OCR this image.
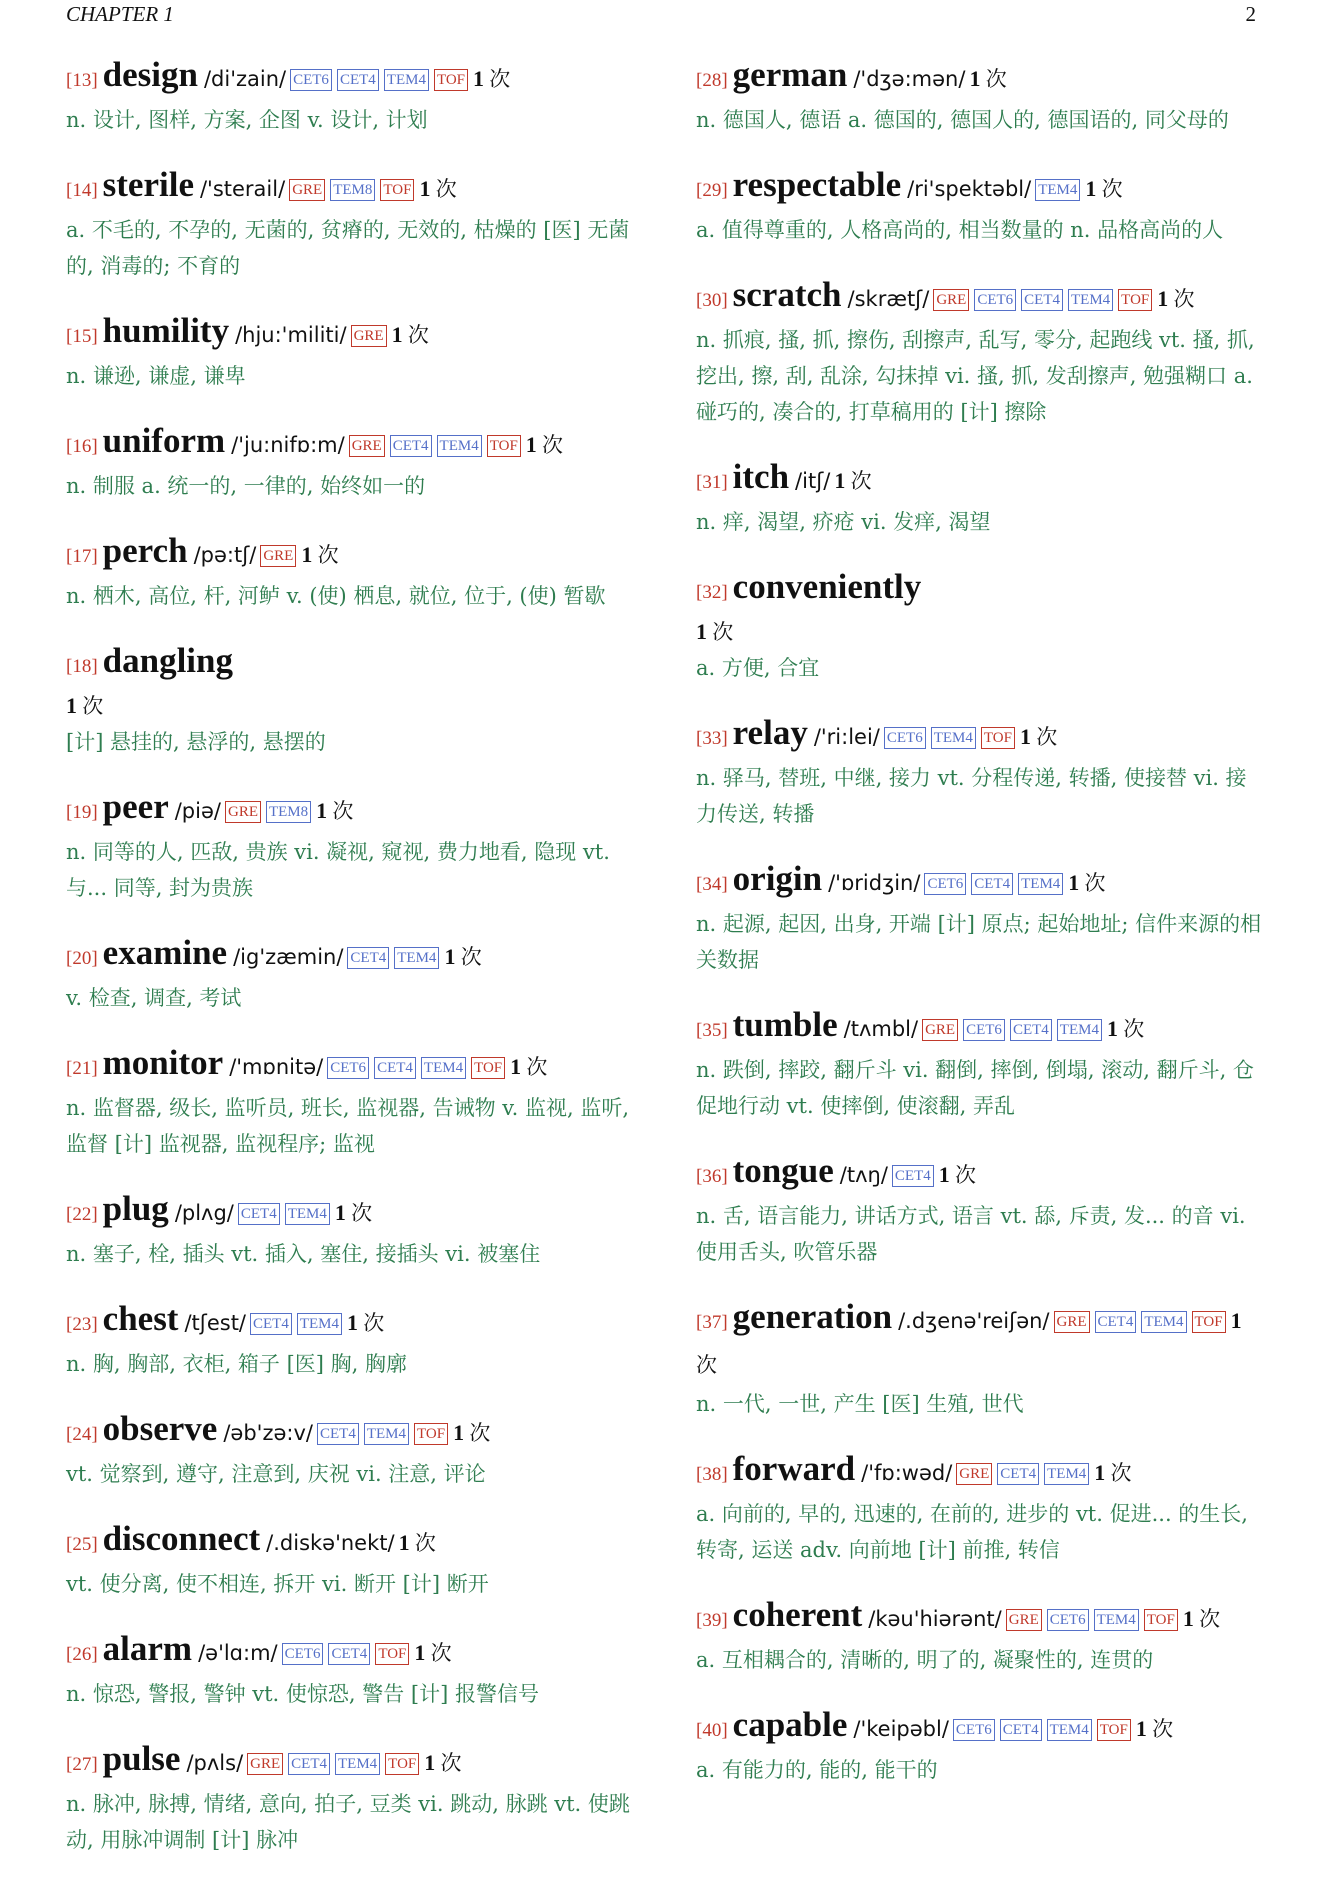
CHAPTER 1	2
[13] design /di'zain/ CET6 CET4 TEM4 TOF 1 次
n. 设计, 图样, 方案, 企图 v. 设计, 计划
[14] sterile /'sterail/ GRE TEM8 TOF 1 次
a. 不毛的, 不孕的, 无菌的, 贫瘠的, 无效的, 枯燥的 [医] 无菌的, 消毒的; 不育的
[15] humility /hju:'militi/ GRE 1 次
n. 谦逊, 谦虚, 谦卑
[16] uniform /'ju:nifɒ:m/ GRE CET4 TEM4 TOF 1 次
n. 制服 a. 统一的, 一律的, 始终如一的
[17] perch /pə:tʃ/ GRE 1 次
n. 栖木, 高位, 杆, 河鲈 v. (使) 栖息, 就位, 位于, (使) 暂歇
[18] dangling
1 次
[计] 悬挂的, 悬浮的, 悬摆的
[19] peer /piə/ GRE TEM8 1 次
n. 同等的人, 匹敌, 贵族 vi. 凝视, 窥视, 费力地看, 隐现 vt. 与... 同等, 封为贵族
[20] examine /ig'zæmin/ CET4 TEM4 1 次
v. 检查, 调查, 考试
[21] monitor /'mɒnitə/ CET6 CET4 TEM4 TOF 1 次
n. 监督器, 级长, 监听员, 班长, 监视器, 告诫物 v. 监视, 监听, 监督 [计] 监视器, 监视程序; 监视
[22] plug /plʌg/ CET4 TEM4 1 次
n. 塞子, 栓, 插头 vt. 插入, 塞住, 接插头 vi. 被塞住
[23] chest /tʃest/ CET4 TEM4 1 次
n. 胸, 胸部, 衣柜, 箱子 [医] 胸, 胸廓
[24] observe /əb'zə:v/ CET4 TEM4 TOF 1 次
vt. 觉察到, 遵守, 注意到, 庆祝 vi. 注意, 评论
[25] disconnect /.diskə'nekt/ 1 次
vt. 使分离, 使不相连, 拆开 vi. 断开 [计] 断开
[26] alarm /ə'lɑ:m/ CET6 CET4 TOF 1 次
n. 惊恐, 警报, 警钟 vt. 使惊恐, 警告 [计] 报警信号
[27] pulse /pʌls/ GRE CET4 TEM4 TOF 1 次
n. 脉冲, 脉搏, 情绪, 意向, 拍子, 豆类 vi. 跳动, 脉跳 vt. 使跳动, 用脉冲调制 [计] 脉冲
[28] german /'dʒə:mən/ 1 次
n. 德国人, 德语 a. 德国的, 德国人的, 德国语的, 同父母的
[29] respectable /ri'spektəbl/ TEM4 1 次
a. 值得尊重的, 人格高尚的, 相当数量的 n. 品格高尚的人
[30] scratch /skrætʃ/ GRE CET6 CET4 TEM4 TOF 1 次
n. 抓痕, 搔, 抓, 擦伤, 刮擦声, 乱写, 零分, 起跑线 vt. 搔, 抓, 挖出, 擦, 刮, 乱涂, 勾抹掉 vi. 搔, 抓, 发刮擦声, 勉强糊口 a. 碰巧的, 凑合的, 打草稿用的 [计] 擦除
[31] itch /itʃ/ 1 次
n. 痒, 渴望, 疥疮 vi. 发痒, 渴望
[32] conveniently
1 次
a. 方便, 合宜
[33] relay /'ri:lei/ CET6 TEM4 TOF 1 次
n. 驿马, 替班, 中继, 接力 vt. 分程传递, 转播, 使接替 vi. 接力传送, 转播
[34] origin /'ɒridʒin/ CET6 CET4 TEM4 1 次
n. 起源, 起因, 出身, 开端 [计] 原点; 起始地址; 信件来源的相关数据
[35] tumble /tʌmbl/ GRE CET6 CET4 TEM4 1 次
n. 跌倒, 摔跤, 翻斤斗 vi. 翻倒, 摔倒, 倒塌, 滚动, 翻斤斗, 仓促地行动 vt. 使摔倒, 使滚翻, 弄乱
[36] tongue /tʌŋ/ CET4 1 次
n. 舌, 语言能力, 讲话方式, 语言 vt. 舔, 斥责, 发... 的音 vi. 使用舌头, 吹管乐器
[37] generation /.dʒenə'reiʃən/ GRE CET4 TEM4 TOF 1 次
n. 一代, 一世, 产生 [医] 生殖, 世代
[38] forward /'fɒ:wəd/ GRE CET4 TEM4 1 次
a. 向前的, 早的, 迅速的, 在前的, 进步的 vt. 促进... 的生长, 转寄, 运送 adv. 向前地 [计] 前推, 转信
[39] coherent /kəu'hiərənt/ GRE CET6 TEM4 TOF 1 次
a. 互相耦合的, 清晰的, 明了的, 凝聚性的, 连贯的
[40] capable /'keipəbl/ CET6 CET4 TEM4 TOF 1 次
a. 有能力的, 能的, 能干的
